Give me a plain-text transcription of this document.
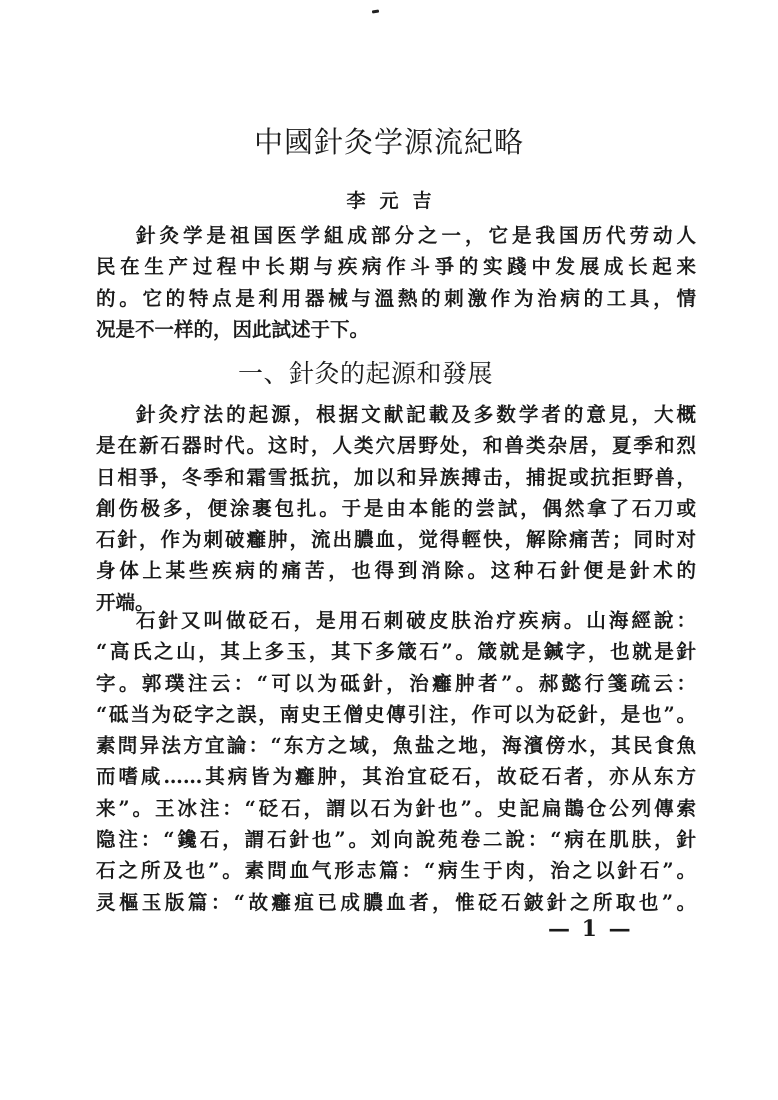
中國針灸学源流紀略
李元吉
針灸学是祖国医学組成部分之一，它是我国历代劳动人
民在生产过程中长期与疾病作斗爭的实踐中发展成长起来
的。它的特点是利用器械与溫熱的刺激作为治病的工具，情
况是不一样的，因此試述于下。
一、針灸的起源和發展
針灸疗法的起源，根据文献記載及多数学者的意見，大概
是在新石器时代。这时，人类穴居野处，和兽类杂居，夏季和烈
日相爭，冬季和霜雪抵抗，加以和异族搏击，捕捉或抗拒野兽，
創伤极多，便涂裹包扎。于是由本能的尝試，偶然拿了石刀或
石針，作为刺破癰肿，流出膿血，觉得輕快，解除痛苦；同时对
身体上某些疾病的痛苦，也得到消除。这种石針便是針术的
开端。
石針又叫做砭石，是用石刺破皮肤治疗疾病。山海經說：
“高氏之山，其上多玉，其下多箴石”。箴就是鍼字，也就是針
字。郭璞注云：“可以为砥針，治癰肿者”。郝懿行箋疏云：
“砥当为砭字之誤，南史王僧史傳引注，作可以为砭針，是也”。
素問异法方宜論：“东方之域，魚盐之地，海濱傍水，其民食魚
而嗜咸……其病皆为癰肿，其治宜砭石，故砭石者，亦从东方
来”。王冰注：“砭石，謂以石为針也”。史記扁鵲仓公列傳索
隐注：“鑱石，謂石針也”。刘向說苑卷二說：“病在肌肤，針
石之所及也”。素問血气形志篇：“病生于肉，治之以針石”。
灵樞玉版篇：“故癰疽已成膿血者，惟砭石鈹針之所取也”。
— 1 —
